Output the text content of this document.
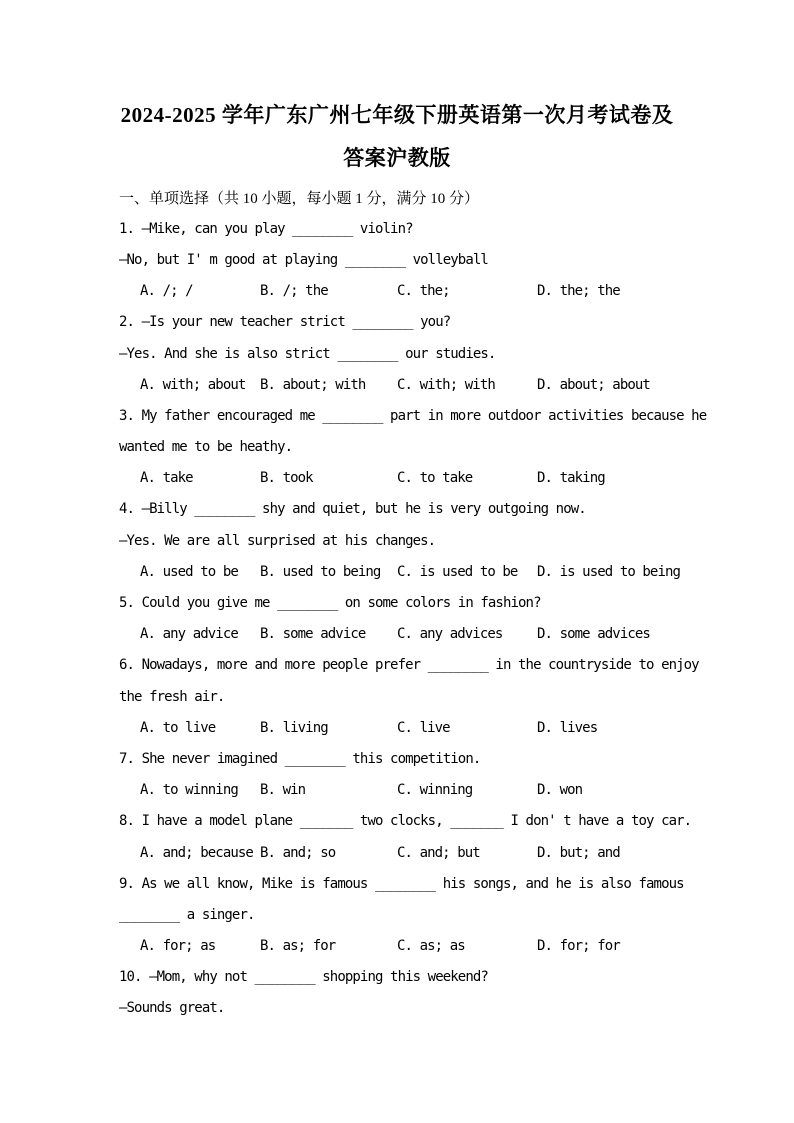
2024-2025 学年广东广州七年级下册英语第一次月考试卷及
答案沪教版
一、单项选择（共 10 小题，每小题 1 分，满分 10 分）
1. —Mike, can you play ________ violin?
—No, but I' m good at playing ________ volleyball
A. /; /	B. /; the	C. the;	D. the; the
2. —Is your new teacher strict ________ you?
—Yes. And she is also strict ________ our studies.
A. with; about B. about; with C. with; with	D. about; about
3. My father encouraged me ________ part in more outdoor activities because he
wanted me to be heathy.
A. take	B. took	C. to take	D. taking
4. —Billy ________ shy and quiet, but he is very outgoing now.
—Yes. We are all surprised at his changes.
A. used to be B. used to being C. is used to be D. is used to being
5. Could you give me ________ on some colors in fashion?
A. any advice B. some advice C. any advices D. some advices
6. Nowadays, more and more people prefer ________ in the countryside to enjoy
the fresh air.
A. to live	B. living	C. live	D. lives
7. She never imagined ________ this competition.
A. to winning B. win	C. winning	D. won
8. I have a model plane _______ two clocks, _______ I don' t have a toy car.
A. and; because B. and; so	C. and; but	D. but; and
9. As we all know, Mike is famous ________ his songs, and he is also famous
________ a singer.
A. for; as	B. as; for	C. as; as	D. for; for
10. —Mom, why not ________ shopping this weekend?
—Sounds great.
